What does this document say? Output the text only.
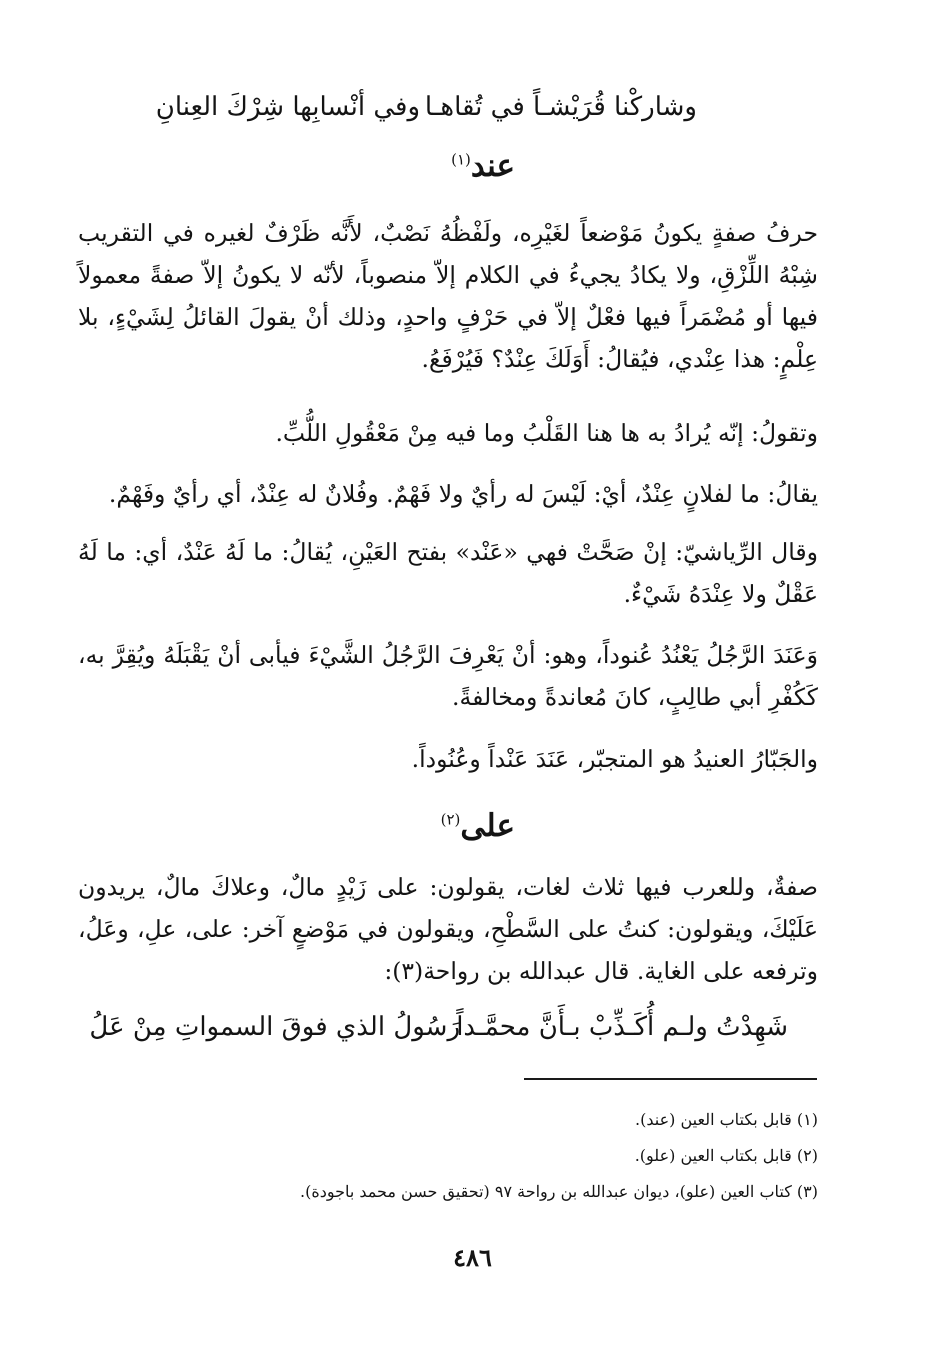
وشاركْنا قُرَيْشـاً في تُقاهـا
وفي أنْسابِها شِرْكَ العِنانِ
عند$^{(١)}$
حرفُ صفةٍ يكونُ مَوْضعاً لغَيْرِه، ولَفْظُهُ نَصْبٌ، لأَنَّه ظَرْفٌ لغيره في التقريب شِبْهُ اللِّزْقِ، ولا يكادُ يجيءُ في الكلام إلاّ منصوباً، لأنّه لا يكونُ إلاّ صفةً معمولاً فيها أو مُضْمَراً فيها فعْلٌ إلاّ في حَرْفٍ واحدٍ، وذلك أنْ يقولَ القائلُ لِشَيْءٍ، بلا عِلْمٍ: هذا عِنْدي، فيُقالُ: أَوَلَكَ عِنْدٌ؟ فَيُرْفَعُ.
وتقولُ: إنّه يُرادُ به ها هنا القَلْبُ وما فيه مِنْ مَعْقُولِ اللُّبِّ.
يقالُ: ما لفلانٍ عِنْدٌ، أيْ: لَيْسَ له رأيٌ ولا فَهْمٌ. وفُلانٌ له عِنْدٌ، أي رأيٌ وفَهْمٌ.
وقال الرِّياشيّ: إنْ صَحَّتْ فهي «عَنْد» بفتح العَيْنِ، يُقالُ: ما لَهُ عَنْدٌ، أي: ما لَهُ عَقْلٌ ولا عِنْدَهُ شَيْءٌ.
وَعَنَدَ الرَّجُلُ يَعْنُدُ عُنوداً، وهو: أنْ يَعْرِفَ الرَّجُلُ الشَّيْءَ فيأبى أنْ يَقْبَلَهُ ويُقِرَّ به، كَكُفْرِ أبي طالِبٍ، كانَ مُعاندةً ومخالفةً.
والجَبّارُ العنيدُ هو المتجبّر، عَنَدَ عَنْداً وعُنُوداً.
على$^{(٢)}$
صفةٌ، وللعرب فيها ثلاث لغات، يقولون: على زَيْدٍ مالٌ، وعلاكَ مالٌ، يريدون عَلَيْكَ، ويقولون: كنتُ على السَّطْحِ، ويقولون في مَوْضعٍ آخر: على، علِ، وعَلُ، وترفعه على الغاية. قال عبدالله بن رواحة(٣):
شَهِدْتُ ولـم أُكَـذِّبْ بـأَنَّ محمَّـداً
رَسُولُ الذي فوقَ السمواتِ مِنْ عَلُ
(١) قابل بكتاب العين (عند).
(٢) قابل بكتاب العين (علو).
(٣) كتاب العين (علو)، ديوان عبدالله بن رواحة ٩٧ (تحقيق حسن محمد باجودة).
٤٨٦
